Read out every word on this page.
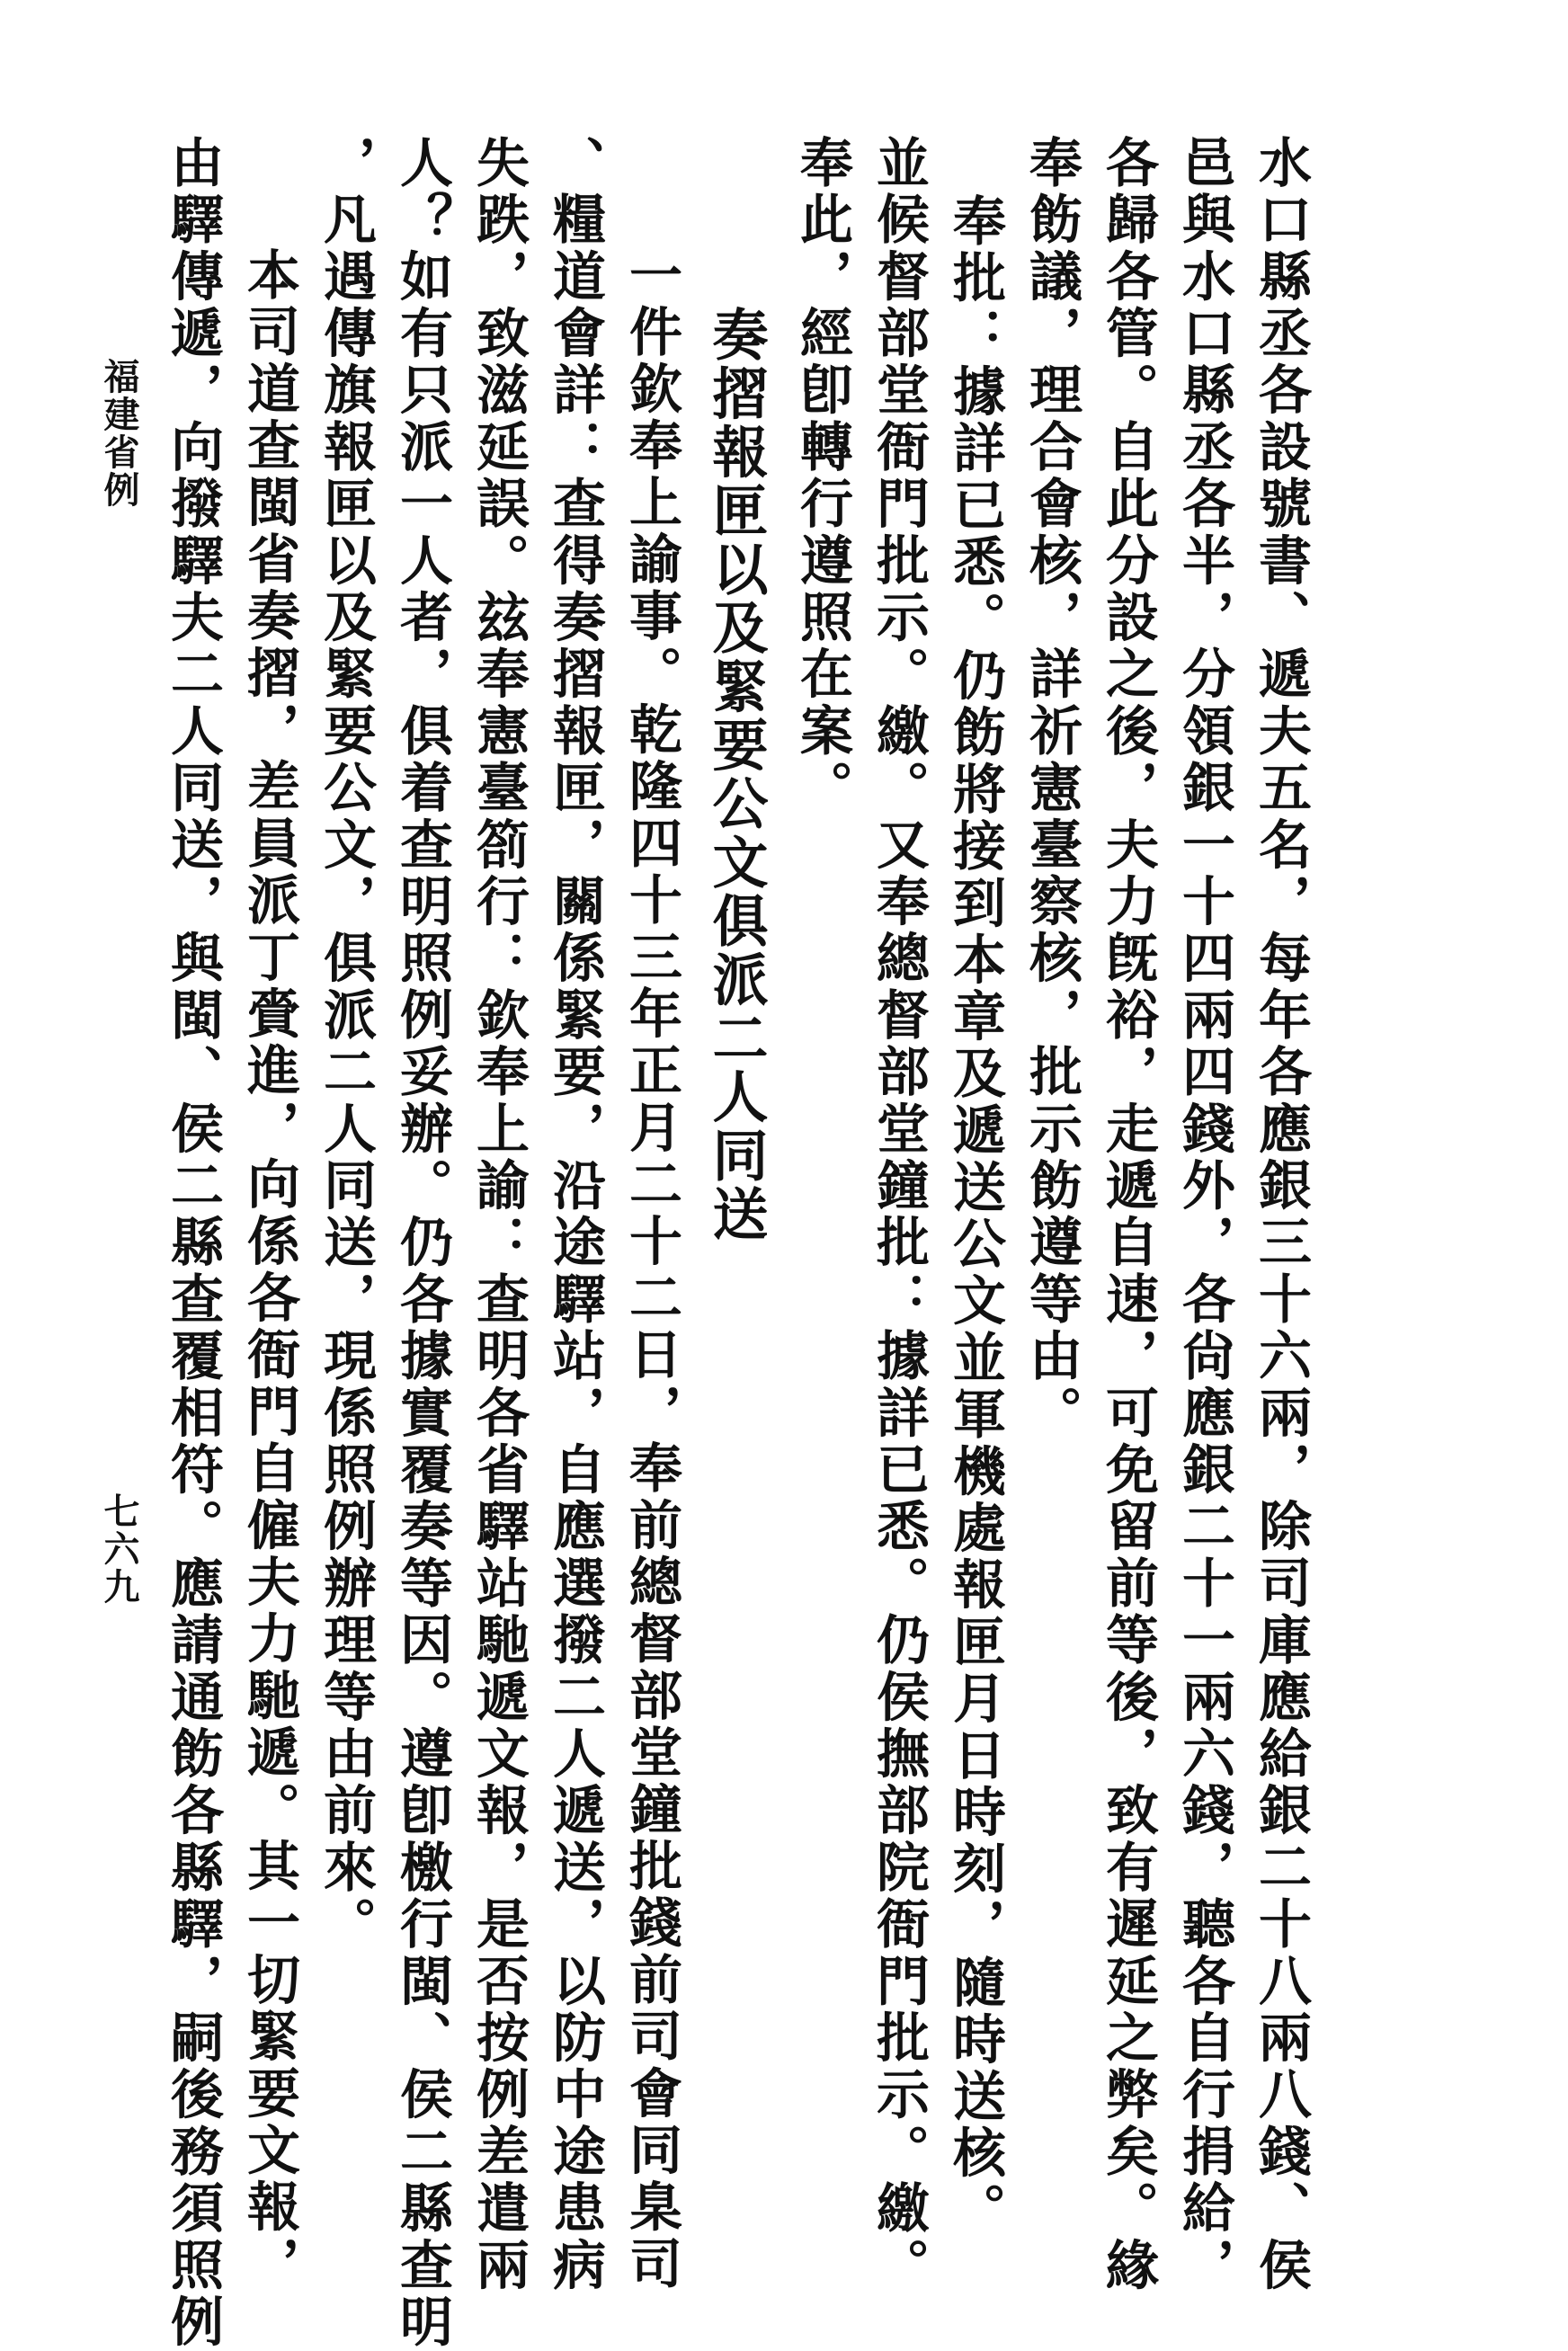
水口縣丞各設號書、遞夫五名，每年各應銀三十六兩，除司庫應給銀二十八兩八錢、侯
邑與水口縣丞各半，分領銀一十四兩四錢外，各尙應銀二十一兩六錢，聽各自行捐給，
各歸各管。自此分設之後，夫力旣裕，走遞自速，可免留前等後，致有遲延之弊矣。緣
奉飭議，理合會核，詳祈憲臺察核，批示飭遵等由。
奉批：據詳已悉。仍飭將接到本章及遞送公文並軍機處報匣月日時刻，隨時送核。
並候督部堂衙門批示。繳。又奉總督部堂鐘批：據詳已悉。仍侯撫部院衙門批示。繳。
奉此，經卽轉行遵照在案。
奏摺報匣以及緊要公文俱派二人同送
一件欽奉上諭事。乾隆四十三年正月二十二日，奉前總督部堂鐘批錢前司會同臬司
、糧道會詳：查得奏摺報匣，關係緊要，沿途驛站，自應選撥二人遞送，以防中途患病
失跌，致滋延誤。玆奉憲臺箚行：欽奉上諭：查明各省驛站馳遞文報，是否按例差遣兩
人？如有只派一人者，俱着查明照例妥辦。仍各據實覆奏等因。遵卽檄行閩、侯二縣查明
，凡遇傳旗報匣以及緊要公文，俱派二人同送，現係照例辦理等由前來。
本司道查閩省奏摺，差員派丁賫進，向係各衙門自僱夫力馳遞。其一切緊要文報，
由驛傳遞，向撥驛夫二人同送，與閩、侯二縣查覆相符。應請通飭各縣驛，嗣後務須照例
福建省例
七六九
